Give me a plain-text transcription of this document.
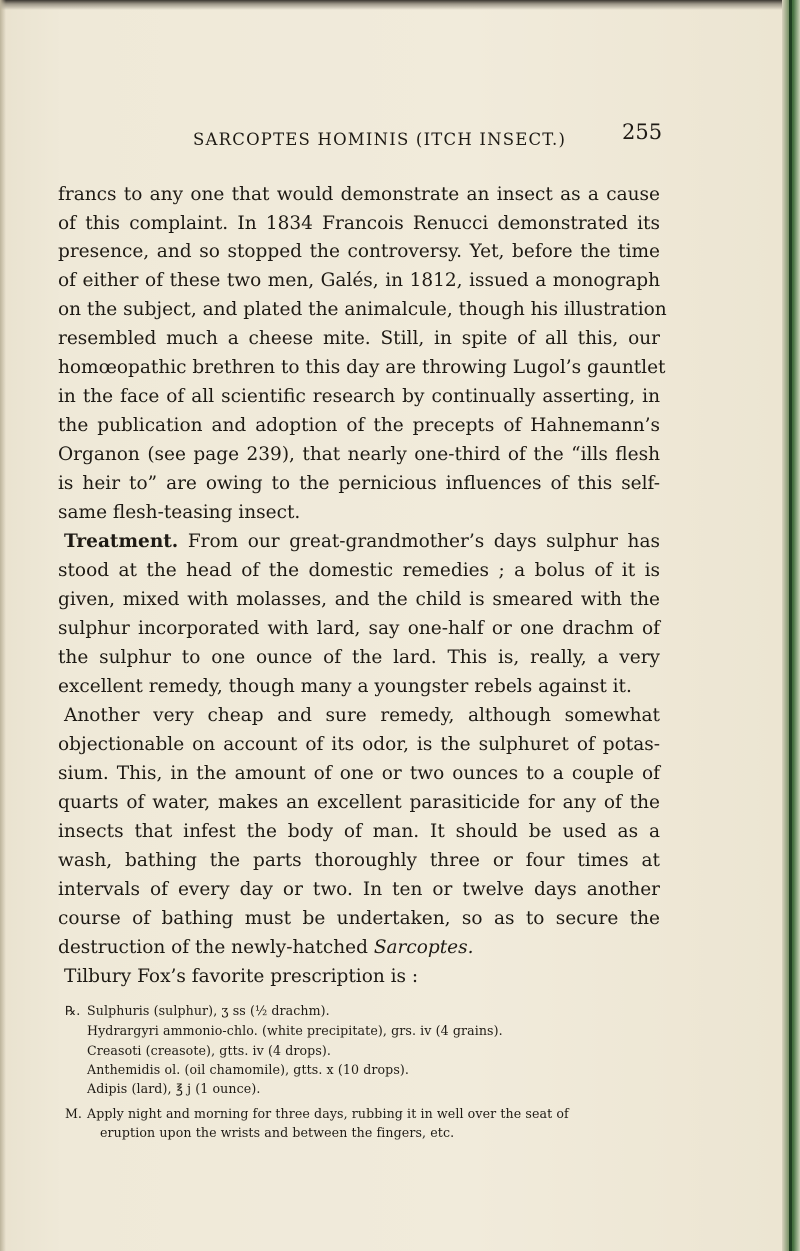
SARCOPTES HOMINIS (ITCH INSECT.)	255
francs to any one that would demonstrate an insect as a cause
of this complaint. In 1834 Francois Renucci demonstrated its
presence, and so stopped the controversy. Yet, before the time
of either of these two men, Galés, in 1812, issued a monograph
on the subject, and plated the animalcule, though his illustration
resembled much a cheese mite. Still, in spite of all this, our
homœopathic brethren to this day are throwing Lugol’s gauntlet
in the face of all scientific research by continually asserting, in
the publication and adoption of the precepts of Hahnemann’s
Organon (see page 239), that nearly one-third of the “ills flesh
is heir to” are owing to the pernicious influences of this self-
same flesh-teasing insect.
Treatment. From our great-grandmother’s days sulphur has
stood at the head of the domestic remedies ; a bolus of it is
given, mixed with molasses, and the child is smeared with the
sulphur incorporated with lard, say one-half or one drachm of
the sulphur to one ounce of the lard. This is, really, a very
excellent remedy, though many a youngster rebels against it.
Another very cheap and sure remedy, although somewhat
objectionable on account of its odor, is the sulphuret of potas-
sium. This, in the amount of one or two ounces to a couple of
quarts of water, makes an excellent parasiticide for any of the
insects that infest the body of man. It should be used as a
wash, bathing the parts thoroughly three or four times at
intervals of every day or two. In ten or twelve days another
course of bathing must be undertaken, so as to secure the
destruction of the newly-hatched Sarcoptes.
Tilbury Fox’s favorite prescription is :
℞. Sulphuris (sulphur), ʒ ss (½ drachm).
Hydrargyri ammonio-chlo. (white precipitate), grs. iv (4 grains).
Creasoti (creasote), gtts. iv (4 drops).
Anthemidis ol. (oil chamomile), gtts. x (10 drops).
Adipis (lard), ℥ j (1 ounce).
M. Apply night and morning for three days, rubbing it in well over the seat of
eruption upon the wrists and between the fingers, etc.
